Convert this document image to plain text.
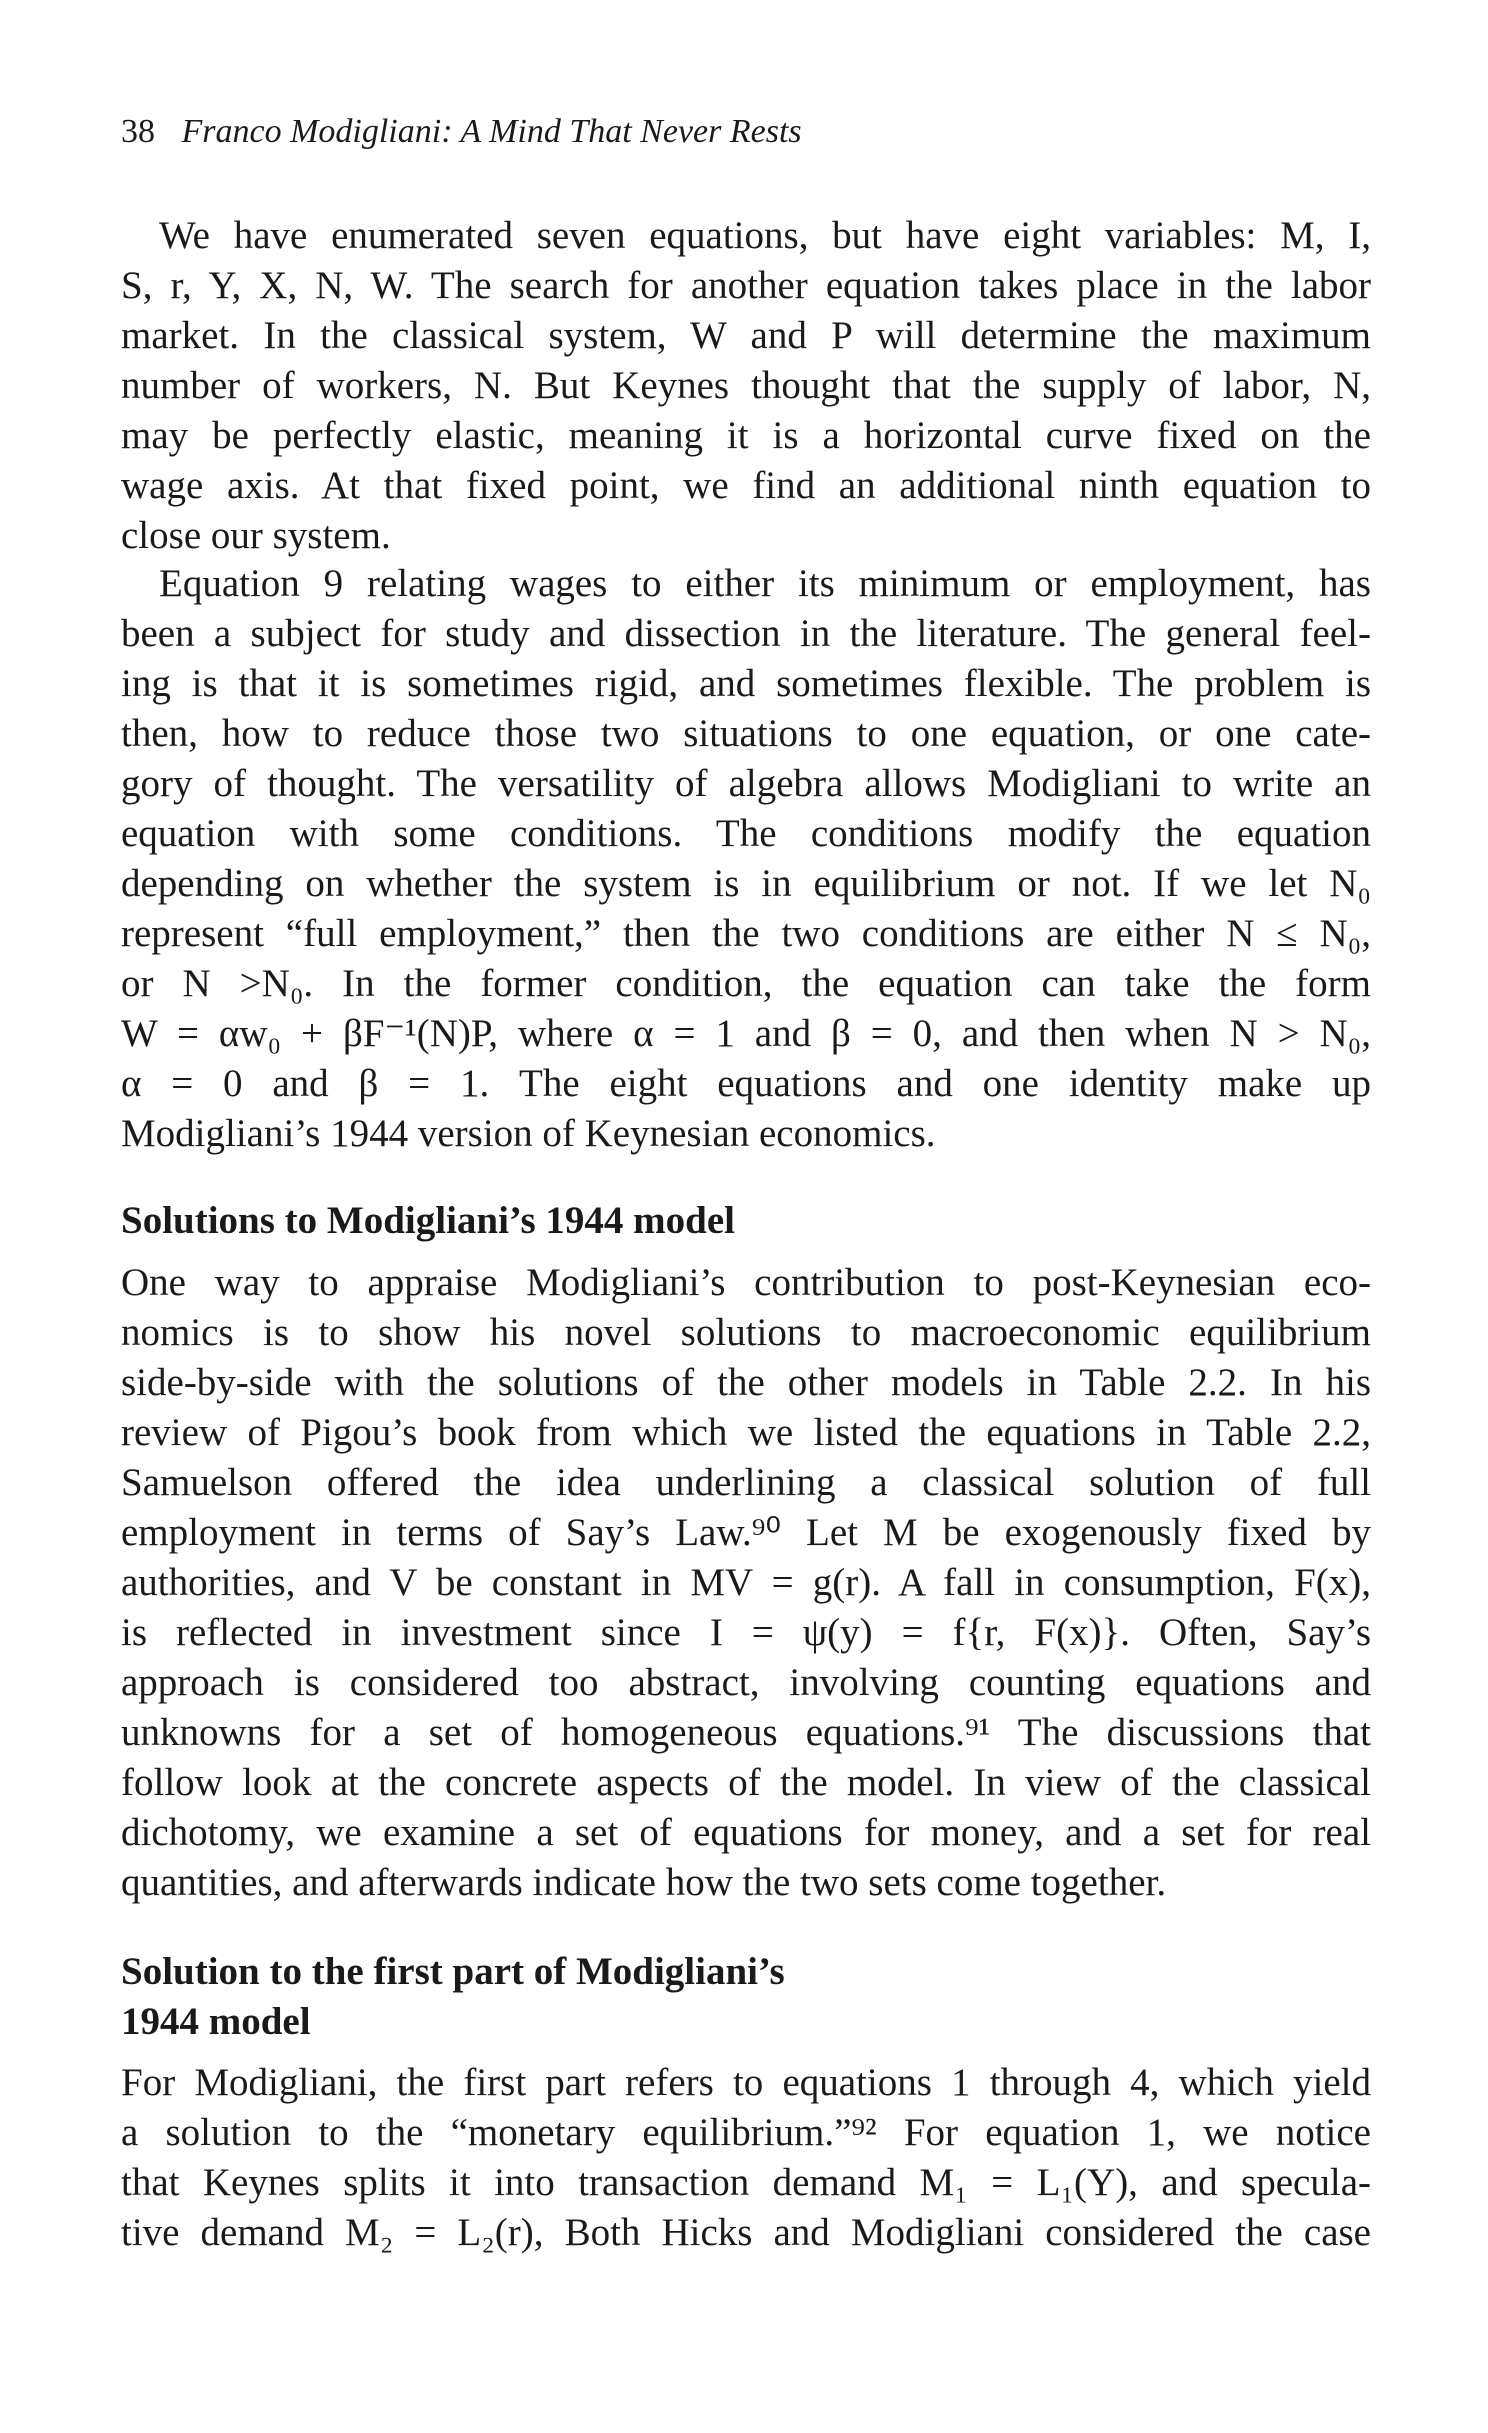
38 Franco Modigliani: A Mind That Never Rests
We have enumerated seven equations, but have eight variables: M, I,
S, r, Y, X, N, W. The search for another equation takes place in the labor
market. In the classical system, W and P will determine the maximum
number of workers, N. But Keynes thought that the supply of labor, N,
may be perfectly elastic, meaning it is a horizontal curve fixed on the
wage axis. At that fixed point, we find an additional ninth equation to
close our system.
Equation 9 relating wages to either its minimum or employment, has
been a subject for study and dissection in the literature. The general feel-
ing is that it is sometimes rigid, and sometimes flexible. The problem is
then, how to reduce those two situations to one equation, or one cate-
gory of thought. The versatility of algebra allows Modigliani to write an
equation with some conditions. The conditions modify the equation
depending on whether the system is in equilibrium or not. If we let N₀
represent “full employment,” then the two conditions are either N ≤ N₀,
or N >N₀. In the former condition, the equation can take the form
W = αw₀ + βF⁻¹(N)P, where α = 1 and β = 0, and then when N > N₀,
α = 0 and β = 1. The eight equations and one identity make up
Modigliani’s 1944 version of Keynesian economics.
Solutions to Modigliani’s 1944 model
One way to appraise Modigliani’s contribution to post-Keynesian eco-
nomics is to show his novel solutions to macroeconomic equilibrium
side-by-side with the solutions of the other models in Table 2.2. In his
review of Pigou’s book from which we listed the equations in Table 2.2,
Samuelson offered the idea underlining a classical solution of full
employment in terms of Say’s Law.⁹⁰ Let M be exogenously fixed by
authorities, and V be constant in MV = g(r). A fall in consumption, F(x),
is reflected in investment since I = ψ(y) = f{r, F(x)}. Often, Say’s
approach is considered too abstract, involving counting equations and
unknowns for a set of homogeneous equations.⁹¹ The discussions that
follow look at the concrete aspects of the model. In view of the classical
dichotomy, we examine a set of equations for money, and a set for real
quantities, and afterwards indicate how the two sets come together.
Solution to the first part of Modigliani’s
1944 model
For Modigliani, the first part refers to equations 1 through 4, which yield
a solution to the “monetary equilibrium.”⁹² For equation 1, we notice
that Keynes splits it into transaction demand M₁ = L₁(Y), and specula-
tive demand M₂ = L₂(r), Both Hicks and Modigliani considered the case
